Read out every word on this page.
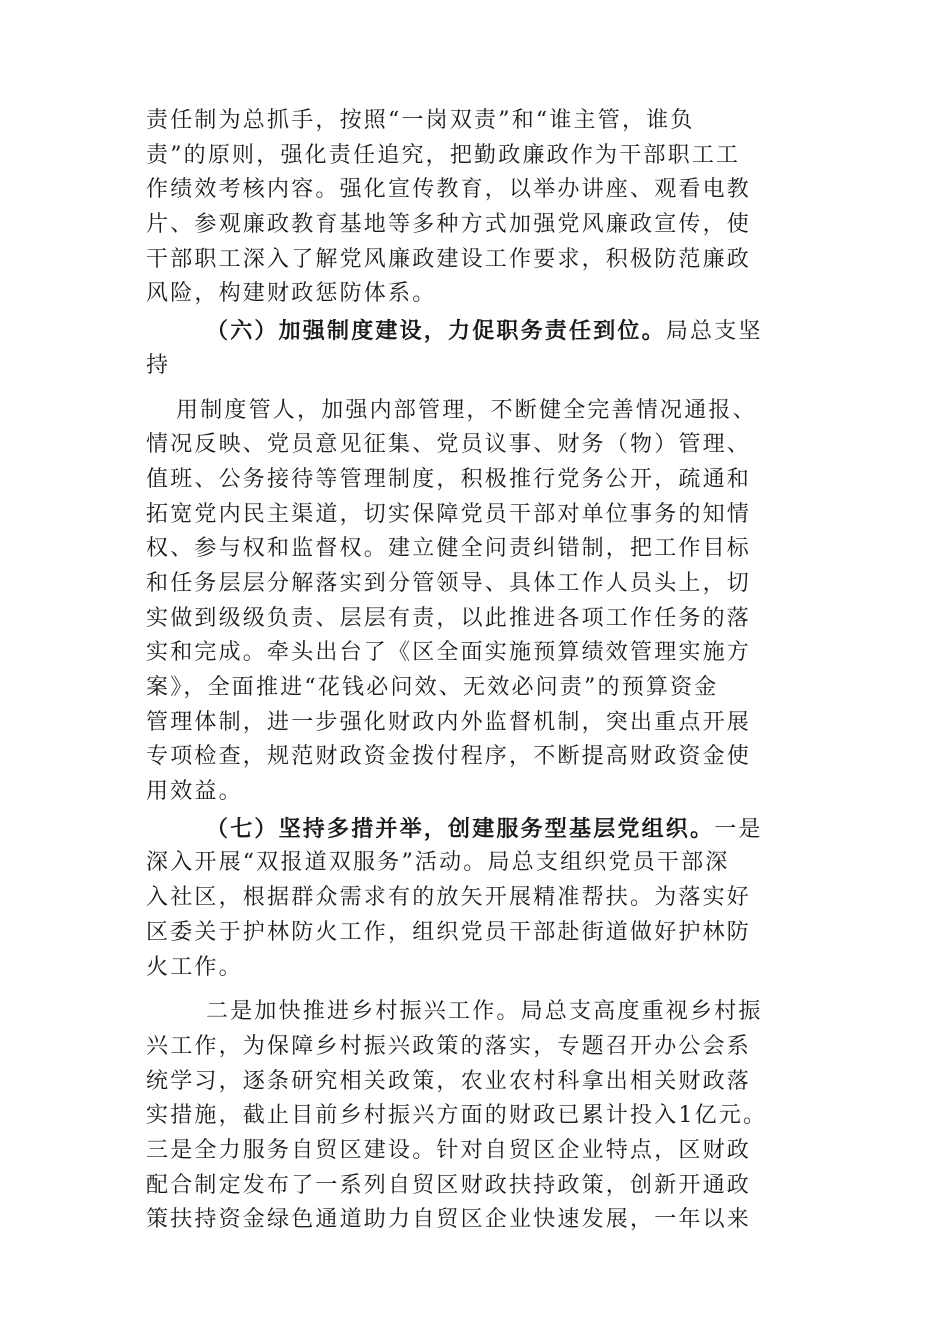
责任制为总抓手，按照“一岗双责”和“谁主管，谁负
责”的原则，强化责任追究，把勤政廉政作为干部职工工
作绩效考核内容。强化宣传教育，以举办讲座、观看电教
片、参观廉政教育基地等多种方式加强党风廉政宣传，使
干部职工深入了解党风廉政建设工作要求，积极防范廉政
风险，构建财政惩防体系。
（六）加强制度建设，力促职务责任到位。局总支坚
持
用制度管人，加强内部管理，不断健全完善情况通报、
情况反映、党员意见征集、党员议事、财务（物）管理、
值班、公务接待等管理制度，积极推行党务公开，疏通和
拓宽党内民主渠道，切实保障党员干部对单位事务的知情
权、参与权和监督权。建立健全问责纠错制，把工作目标
和任务层层分解落实到分管领导、具体工作人员头上，切
实做到级级负责、层层有责，以此推进各项工作任务的落
实和完成。牵头出台了《区全面实施预算绩效管理实施方
案》，全面推进“花钱必问效、无效必问责”的预算资金
管理体制，进一步强化财政内外监督机制，突出重点开展
专项检查，规范财政资金拨付程序，不断提高财政资金使
用效益。
（七）坚持多措并举，创建服务型基层党组织。一是
深入开展“双报道双服务”活动。局总支组织党员干部深
入社区，根据群众需求有的放矢开展精准帮扶。为落实好
区委关于护林防火工作，组织党员干部赴街道做好护林防
火工作。
二是加快推进乡村振兴工作。局总支高度重视乡村振
兴工作，为保障乡村振兴政策的落实，专题召开办公会系
统学习，逐条研究相关政策，农业农村科拿出相关财政落
实措施，截止目前乡村振兴方面的财政已累计投入1亿元。
三是全力服务自贸区建设。针对自贸区企业特点，区财政
配合制定发布了一系列自贸区财政扶持政策，创新开通政
策扶持资金绿色通道助力自贸区企业快速发展，一年以来
